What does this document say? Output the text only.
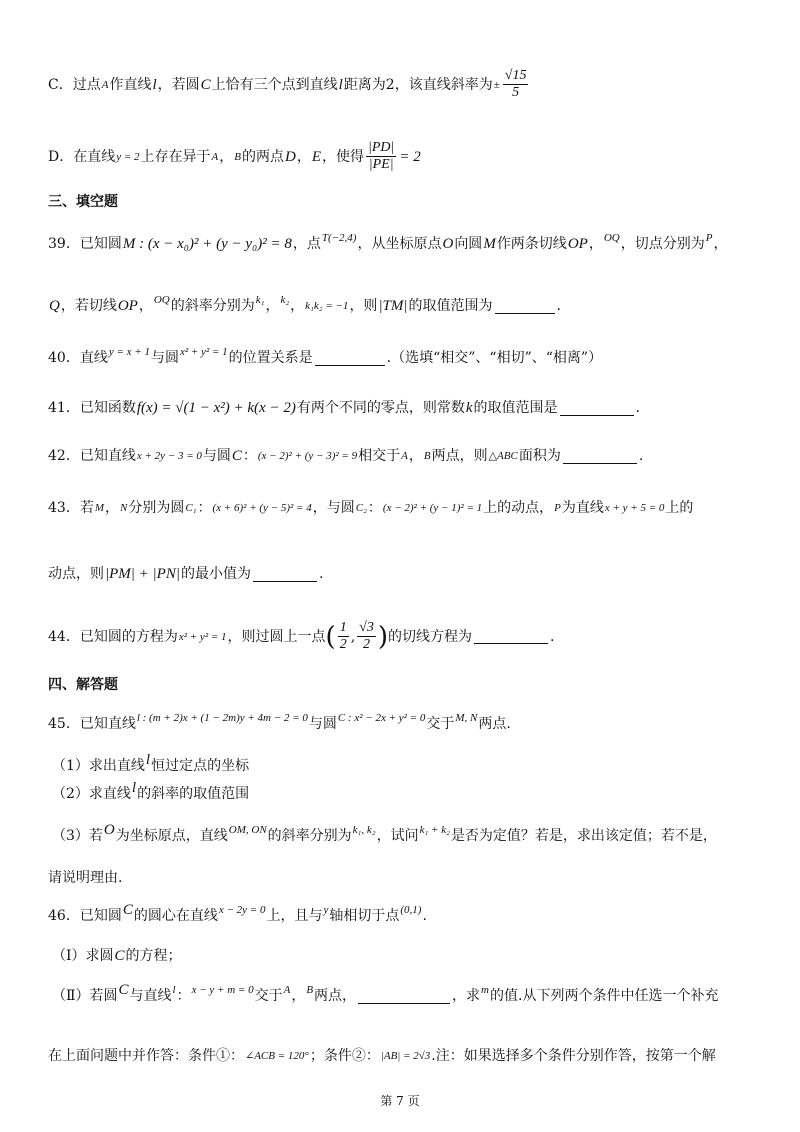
C．过点 A 作直线 l ，若圆 C 上恰有三个点到直线 l 距离为2，该直线斜率为 ± $\frac{√15}{5}$
D．在直线 y = 2 上存在异于 A ， B 的两点 D ， E ，使得 $\frac{|PD|}{|PE|} = 2$
三、填空题
39．已知圆 M : (x − x₀)² + (y − y₀)² = 8 ，点 T(−2,4) ，从坐标原点 O 向圆 M 作两条切线 OP ， OQ ，切点分别为 P ，
Q ，若切线 OP ， OQ 的斜率分别为 k₁ ， k₂ ， k₁k₂ = −1 ，则 |TM| 的取值范围为	.
40．直线 y = x + 1 与圆 x² + y² = 1 的位置关系是	.（选填“相交”、“相切”、“相离”）
41．已知函数 f(x) = √(1 − x²) + k(x − 2) 有两个不同的零点，则常数 k 的取值范围是	.
42．已知直线 x + 2y − 3 = 0 与圆 C ： (x − 2)² + (y − 3)² = 9 相交于 A ， B 两点，则 △ABC 面积为	.
43．若 M ， N 分别为圆 C₁ ： (x + 6)² + (y − 5)² = 4 ，与圆 C₂ ： (x − 2)² + (y − 1)² = 1 上的动点， P 为直线 x + y + 5 = 0 上的
动点，则 |PM| + |PN| 的最小值为	.
44．已知圆的方程为 x² + y² = 1 ，则过圆上一点 ( $\frac{1}{2}$ , $\frac{√3}{2}$ ) 的切线方程为	.
四、解答题
45．已知直线 l : (m + 2)x + (1 − 2m)y + 4m − 2 = 0 与圆 C : x² − 2x + y² = 0 交于 M, N 两点.
（1）求出直线 l 恒过定点的坐标
（2）求直线 l 的斜率的取值范围
（3）若 O 为坐标原点，直线 OM, ON 的斜率分别为 k₁, k₂ ，试问 k₁ + k₂ 是否为定值？若是，求出该定值；若不是，
请说明理由.
46．已知圆 C 的圆心在直线 x − 2y = 0 上，且与 y 轴相切于点 (0,1) .
（Ⅰ）求圆 C 的方程；
（Ⅱ）若圆 C 与直线 l ： x − y + m = 0 交于 A ， B 两点，	，求 m 的值.从下列两个条件中任选一个补充
在上面问题中并作答：条件①： ∠ACB = 120° ；条件②： |AB| = 2√3 .注：如果选择多个条件分别作答，按第一个解
第 7 页
